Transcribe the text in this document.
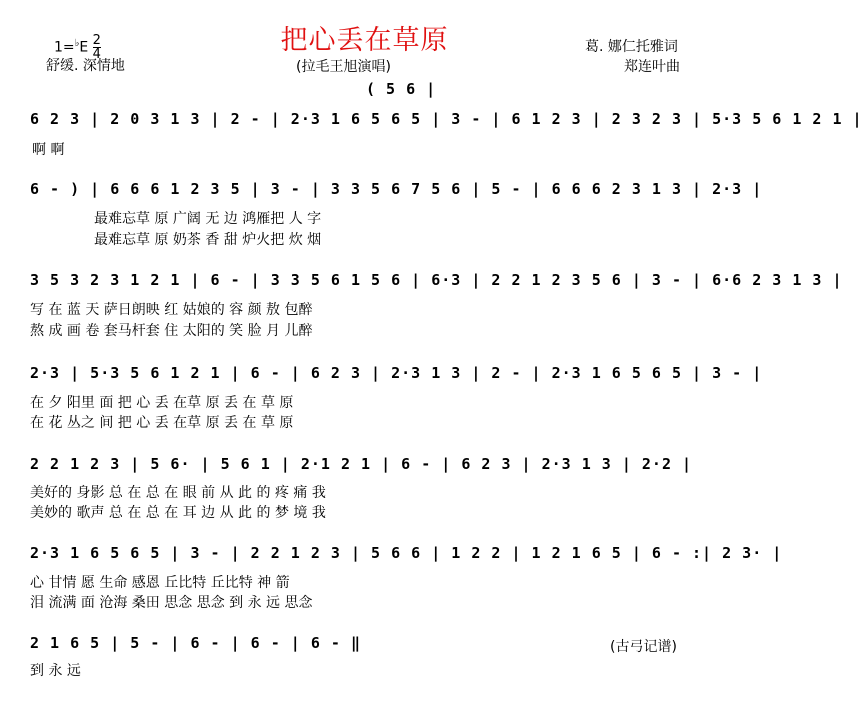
把心丢在草原
$1=^♭E \frac{2}{4}$
舒缓. 深情地	(拉毛王旭演唱)
葛. 娜仁托雅词
郑连叶曲
( 5 6 |
6 2 3 | 2 0 3 1 3 | 2 - | 2·3 1 6 5 6 5 | 3 - | 6 1 2 3 | 2 3 2 3 | 5·3 5 6 1 2 1 |
啊 啊
6 - ) | 6 6 6 1 2 3 5 | 3 - | 3 3 5 6 7 5 6 | 5 - | 6 6 6 2 3 1 3 | 2·3 |
最难忘草 原 广阔 无 边 鸿雁把 人 字
最难忘草 原 奶茶 香 甜 炉火把 炊 烟
3 5 3 2 3 1 2 1 | 6 - | 3 3 5 6 1 5 6 | 6·3 | 2 2 1 2 3 5 6 | 3 - | 6·6 2 3 1 3 |
写 在 蓝 天 萨日朗映 红 姑娘的 容 颜 敖 包醉
熬 成 画 卷 套马杆套 住 太阳的 笑 脸 月 儿醉
2·3 | 5·3 5 6 1 2 1 | 6 - | 6 2 3 | 2·3 1 3 | 2 - | 2·3 1 6 5 6 5 | 3 - |
在 夕 阳里 面 把 心 丢 在草 原 丢 在 草 原
在 花 丛之 间 把 心 丢 在草 原 丢 在 草 原
2 2 1 2 3 | 5 6· | 5 6 1 | 2·1 2 1 | 6 - | 6 2 3 | 2·3 1 3 | 2·2 |
美好的 身影 总 在 总 在 眼 前 从 此 的 疼 痛 我
美妙的 歌声 总 在 总 在 耳 边 从 此 的 梦 境 我
2·3 1 6 5 6 5 | 3 - | 2 2 1 2 3 | 5 6 6 | 1 2 2 | 1 2 1 6 5 | 6 - :| 2 3· |
心 甘情 愿 生命 感恩 丘比特 丘比特 神 箭
泪 流满 面 沧海 桑田 思念 思念 到 永 远 思念
2 1 6 5 | 5 - | 6 - | 6 - | 6 - ‖
到 永 远
(古弓记谱)
